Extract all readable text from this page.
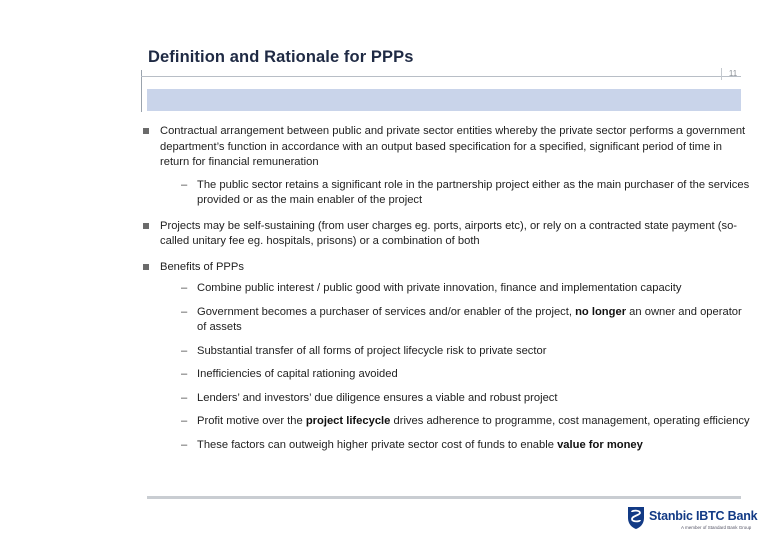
Definition and Rationale for PPPs
11

Contractual arrangement between public and private sector entities whereby the private sector performs a government department’s function in accordance with an output based specification for a specified, significant period of time in return for financial remuneration

– The public sector retains a significant role in the partnership project either as the main purchaser of the services provided or as the main enabler of the project

Projects may be self-sustaining (from user charges eg. ports, airports etc), or rely on a contracted state payment (so-called unitary fee eg. hospitals, prisons) or a combination of both

Benefits of PPPs

– Combine public interest / public good with private innovation, finance and implementation capacity

– Government becomes a purchaser of services and/or enabler of the project, no longer an owner and operator of assets

– Substantial transfer of all forms of project lifecycle risk to private sector

– Inefficiencies of capital rationing avoided

– Lenders’ and investors’ due diligence ensures a viable and robust project

– Profit motive over the project lifecycle drives adherence to programme, cost management, operating efficiency

– These factors can outweigh higher private sector cost of funds to enable value for money

Stanbic IBTC Bank
A member of Standard Bank Group
